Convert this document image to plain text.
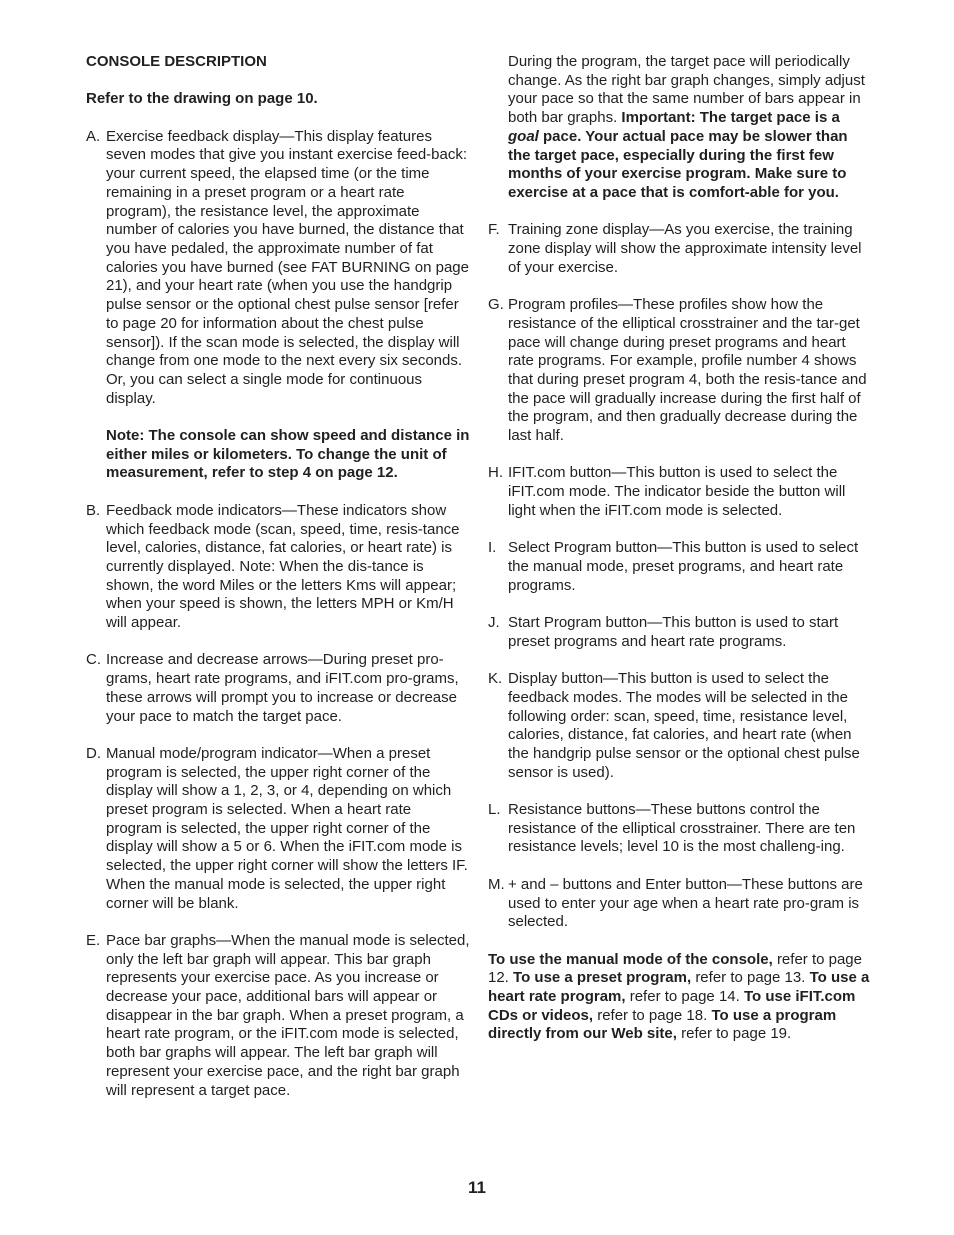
CONSOLE DESCRIPTION

Refer to the drawing on page 10.

A. Exercise feedback display—This display features seven modes that give you instant exercise feed-back: your current speed, the elapsed time (or the time remaining in a preset program or a heart rate program), the resistance level, the approximate number of calories you have burned, the distance that you have pedaled, the approximate number of fat calories you have burned (see FAT BURNING on page 21), and your heart rate (when you use the handgrip pulse sensor or the optional chest pulse sensor [refer to page 20 for information about the chest pulse sensor]). If the scan mode is selected, the display will change from one mode to the next every six seconds. Or, you can select a single mode for continuous display.

Note: The console can show speed and distance in either miles or kilometers. To change the unit of measurement, refer to step 4 on page 12.

B. Feedback mode indicators—These indicators show which feedback mode (scan, speed, time, resis-tance level, calories, distance, fat calories, or heart rate) is currently displayed. Note: When the dis-tance is shown, the word Miles or the letters Kms will appear; when your speed is shown, the letters MPH or Km/H will appear.

C. Increase and decrease arrows—During preset pro-grams, heart rate programs, and iFIT.com pro-grams, these arrows will prompt you to increase or decrease your pace to match the target pace.

D. Manual mode/program indicator—When a preset program is selected, the upper right corner of the display will show a 1, 2, 3, or 4, depending on which preset program is selected. When a heart rate program is selected, the upper right corner of the display will show a 5 or 6. When the iFIT.com mode is selected, the upper right corner will show the letters IF. When the manual mode is selected, the upper right corner will be blank.

E. Pace bar graphs—When the manual mode is selected, only the left bar graph will appear. This bar graph represents your exercise pace. As you increase or decrease your pace, additional bars will appear or disappear in the bar graph. When a preset program, a heart rate program, or the iFIT.com mode is selected, both bar graphs will appear. The left bar graph will represent your exercise pace, and the right bar graph will represent a target pace.

During the program, the target pace will periodically change. As the right bar graph changes, simply adjust your pace so that the same number of bars appear in both bar graphs. Important: The target pace is a goal pace. Your actual pace may be slower than the target pace, especially during the first few months of your exercise program. Make sure to exercise at a pace that is comfort-able for you.

F. Training zone display—As you exercise, the training zone display will show the approximate intensity level of your exercise.

G. Program profiles—These profiles show how the resistance of the elliptical crosstrainer and the tar-get pace will change during preset programs and heart rate programs. For example, profile number 4 shows that during preset program 4, both the resis-tance and the pace will gradually increase during the first half of the program, and then gradually decrease during the last half.

H. IFIT.com button—This button is used to select the iFIT.com mode. The indicator beside the button will light when the iFIT.com mode is selected.

I. Select Program button—This button is used to select the manual mode, preset programs, and heart rate programs.

J. Start Program button—This button is used to start preset programs and heart rate programs.

K. Display button—This button is used to select the feedback modes. The modes will be selected in the following order: scan, speed, time, resistance level, calories, distance, fat calories, and heart rate (when the handgrip pulse sensor or the optional chest pulse sensor is used).

L. Resistance buttons—These buttons control the resistance of the elliptical crosstrainer. There are ten resistance levels; level 10 is the most challeng-ing.

M. + and – buttons and Enter button—These buttons are used to enter your age when a heart rate pro-gram is selected.

To use the manual mode of the console, refer to page 12. To use a preset program, refer to page 13. To use a heart rate program, refer to page 14. To use iFIT.com CDs or videos, refer to page 18. To use a program directly from our Web site, refer to page 19.

11
